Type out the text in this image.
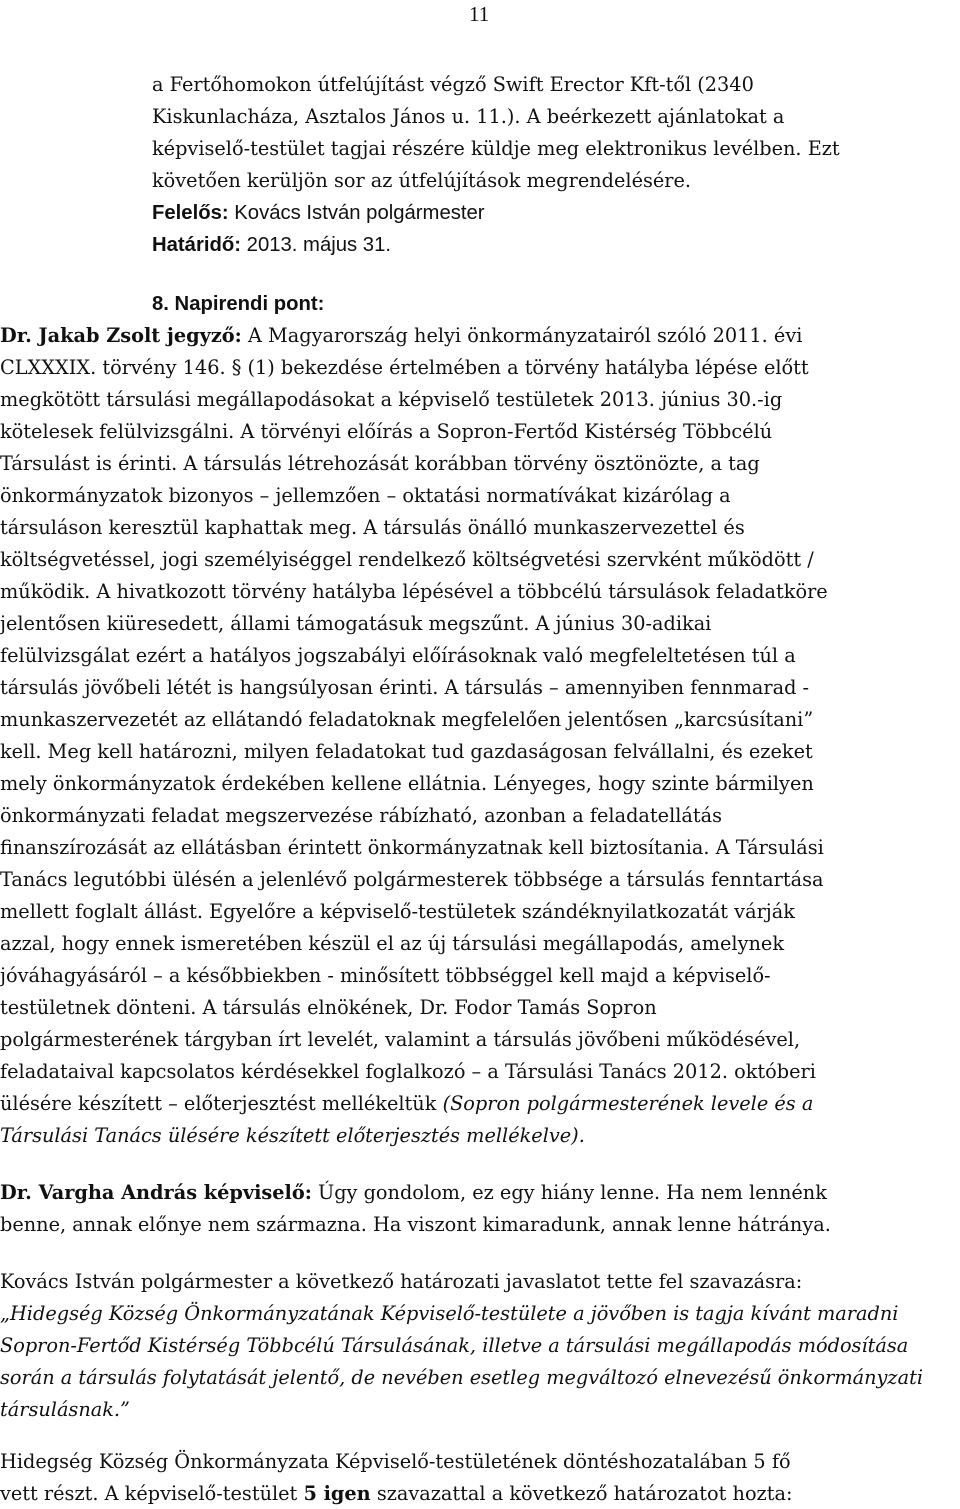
11
a Fertőhomokon útfelújítást végző Swift Erector Kft-től (2340
Kiskunlacháza, Asztalos János u. 11.). A beérkezett ajánlatokat a
képviselő-testület tagjai részére küldje meg elektronikus levélben. Ezt
követően kerüljön sor az útfelújítások megrendelésére.
Felelős: Kovács István polgármester
Határidő: 2013. május 31.
8. Napirendi pont:
Dr. Jakab Zsolt jegyző: A Magyarország helyi önkormányzatairól szóló 2011. évi
CLXXXIX. törvény 146. § (1) bekezdése értelmében a törvény hatályba lépése előtt
megkötött társulási megállapodásokat a képviselő testületek 2013. június 30.-ig
kötelesek felülvizsgálni. A törvényi előírás a Sopron-Fertőd Kistérség Többcélú
Társulást is érinti. A társulás létrehozását korábban törvény ösztönözte, a tag
önkormányzatok bizonyos – jellemzően – oktatási normatívákat kizárólag a
társuláson keresztül kaphattak meg. A társulás önálló munkaszervezettel és
költségvetéssel, jogi személyiséggel rendelkező költségvetési szervként működött /
működik. A hivatkozott törvény hatályba lépésével a többcélú társulások feladatköre
jelentősen kiüresedett, állami támogatásuk megszűnt. A június 30-adikai
felülvizsgálat ezért a hatályos jogszabályi előírásoknak való megfeleltetésen túl a
társulás jövőbeli létét is hangsúlyosan érinti. A társulás – amennyiben fennmarad -
munkaszervezetét az ellátandó feladatoknak megfelelően jelentősen „karcsúsítani”
kell. Meg kell határozni, milyen feladatokat tud gazdaságosan felvállalni, és ezeket
mely önkormányzatok érdekében kellene ellátnia. Lényeges, hogy szinte bármilyen
önkormányzati feladat megszervezése rábízható, azonban a feladatellátás
finanszírozását az ellátásban érintett önkormányzatnak kell biztosítania. A Társulási
Tanács legutóbbi ülésén a jelenlévő polgármesterek többsége a társulás fenntartása
mellett foglalt állást. Egyelőre a képviselő-testületek szándéknyilatkozatát várják
azzal, hogy ennek ismeretében készül el az új társulási megállapodás, amelynek
jóváhagyásáról – a későbbiekben - minősített többséggel kell majd a képviselő-
testületnek dönteni. A társulás elnökének, Dr. Fodor Tamás Sopron
polgármesterének tárgyban írt levelét, valamint a társulás jövőbeni működésével,
feladataival kapcsolatos kérdésekkel foglalkozó – a Társulási Tanács 2012. októberi
ülésére készített – előterjesztést mellékeltük (Sopron polgármesterének levele és a
Társulási Tanács ülésére készített előterjesztés mellékelve).
Dr. Vargha András képviselő: Úgy gondolom, ez egy hiány lenne. Ha nem lennénk
benne, annak előnye nem származna. Ha viszont kimaradunk, annak lenne hátránya.
Kovács István polgármester a következő határozati javaslatot tette fel szavazásra:
„Hidegség Község Önkormányzatának Képviselő-testülete a jövőben is tagja kívánt maradni
Sopron-Fertőd Kistérség Többcélú Társulásának, illetve a társulási megállapodás módosítása
során a társulás folytatását jelentő, de nevében esetleg megváltozó elnevezésű önkormányzati
társulásnak.”
Hidegség Község Önkormányzata Képviselő-testületének döntéshozatalában 5 fő
vett részt. A képviselő-testület 5 igen szavazattal a következő határozatot hozta:
